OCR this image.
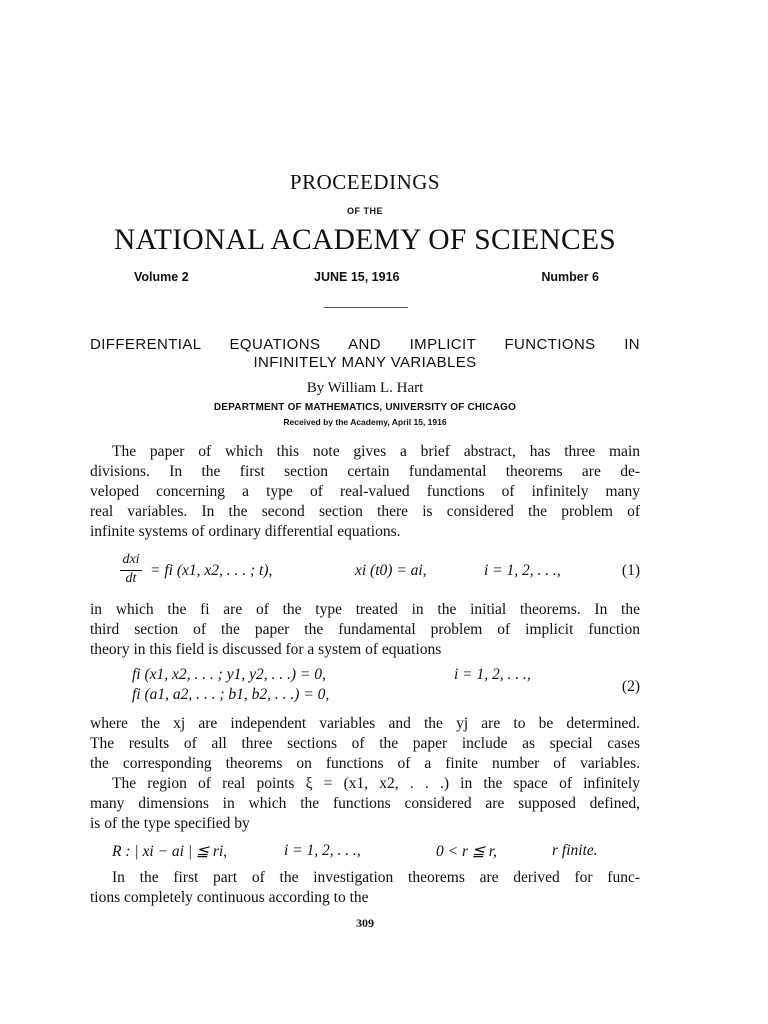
PROCEEDINGS
OF THE
NATIONAL ACADEMY OF SCIENCES
Volume 2	JUNE 15, 1916	Number 6
DIFFERENTIAL EQUATIONS AND IMPLICIT FUNCTIONS IN
INFINITELY MANY VARIABLES
By William L. Hart
DEPARTMENT OF MATHEMATICS, UNIVERSITY OF CHICAGO
Received by the Academy, April 15, 1916
The paper of which this note gives a brief abstract, has three main
divisions. In the first section certain fundamental theorems are de-
veloped concerning a type of real-valued functions of infinitely many
real variables. In the second section there is considered the problem of
infinite systems of ordinary differential equations.
dxi
dt = fi (x1, x2, . . . ; t),	xi (t0) = ai,	i = 1, 2, . . .,	(1)
in which the fi are of the type treated in the initial theorems. In the
third section of the paper the fundamental problem of implicit function
theory in this field is discussed for a system of equations
fi (x1, x2, . . . ; y1, y2, . . .) = 0,	i = 1, 2, . . .,
fi (a1, a2, . . . ; b1, b2, . . .) = 0,	(2)
where the xj are independent variables and the yj are to be determined.
The results of all three sections of the paper include as special cases
the corresponding theorems on functions of a finite number of variables.
The region of real points ξ = (x1, x2, . . .) in the space of infinitely
many dimensions in which the functions considered are supposed defined,
is of the type specified by
R : | xi − ai | ≦ ri,	i = 1, 2, . . .,	0 < r ≦ r,	r finite.
In the first part of the investigation theorems are derived for func-
tions completely continuous according to the
309
